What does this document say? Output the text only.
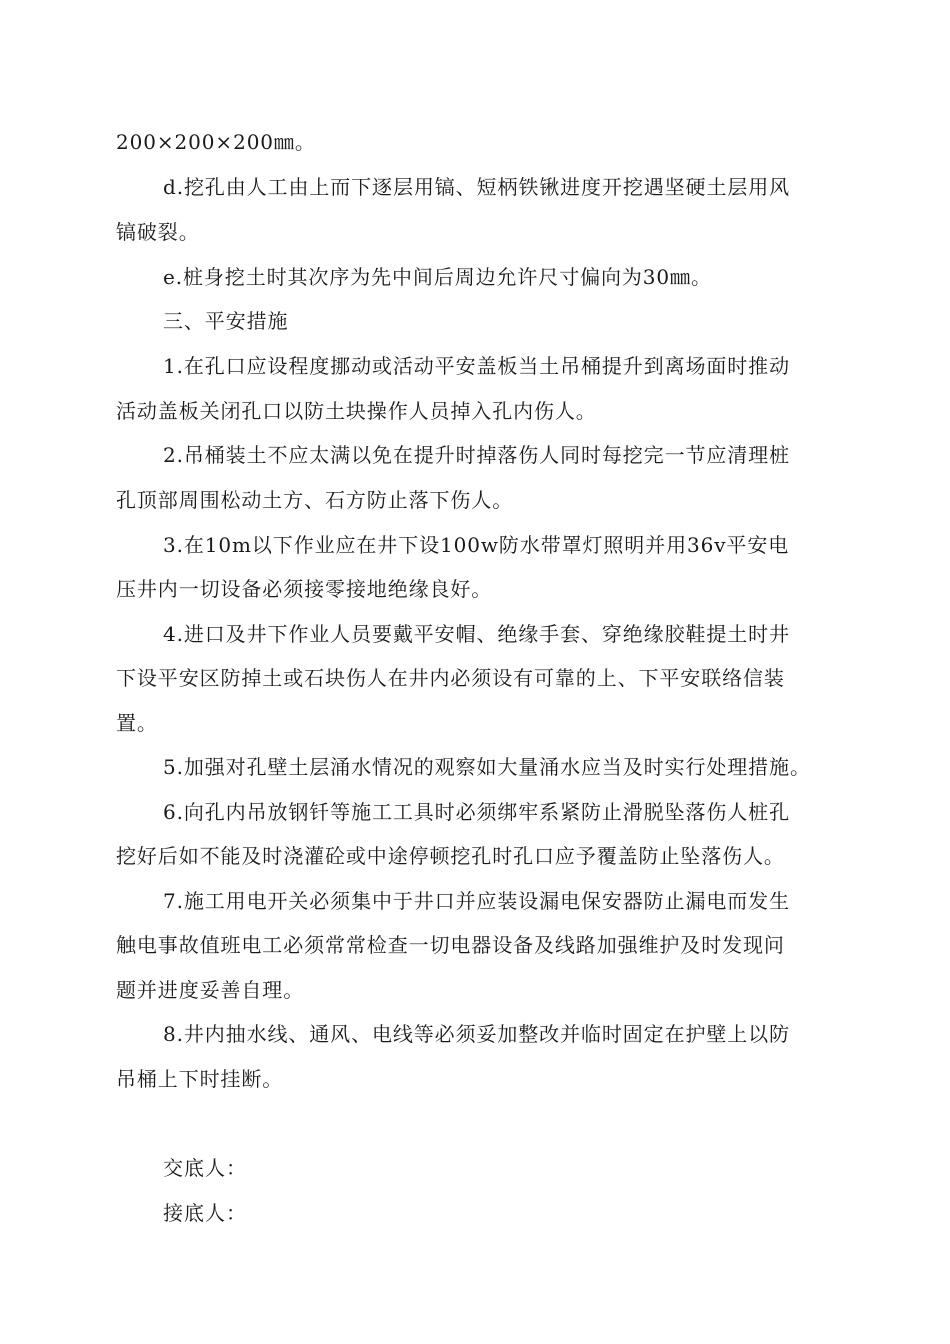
200×200×200㎜。
d.挖孔由人工由上而下逐层用镐、短柄铁锹进度开挖遇坚硬土层用风
镐破裂。
e.桩身挖土时其次序为先中间后周边允许尺寸偏向为30㎜。
三、平安措施
1.在孔口应设程度挪动或活动平安盖板当土吊桶提升到离场面时推动
活动盖板关闭孔口以防土块操作人员掉入孔内伤人。
2.吊桶装土不应太满以免在提升时掉落伤人同时每挖完一节应清理桩
孔顶部周围松动土方、石方防止落下伤人。
3.在10m以下作业应在井下设100w防水带罩灯照明并用36v平安电
压井内一切设备必须接零接地绝缘良好。
4.进口及井下作业人员要戴平安帽、绝缘手套、穿绝缘胶鞋提土时井
下设平安区防掉土或石块伤人在井内必须设有可靠的上、下平安联络信装
置。
5.加强对孔壁土层涌水情况的观察如大量涌水应当及时实行处理措施。
6.向孔内吊放钢钎等施工工具时必须绑牢系紧防止滑脱坠落伤人桩孔
挖好后如不能及时浇灌砼或中途停顿挖孔时孔口应予覆盖防止坠落伤人。
7.施工用电开关必须集中于井口并应装设漏电保安器防止漏电而发生
触电事故值班电工必须常常检查一切电器设备及线路加强维护及时发现问
题并进度妥善自理。
8.井内抽水线、通风、电线等必须妥加整改并临时固定在护壁上以防
吊桶上下时挂断。
交底人：
接底人：
